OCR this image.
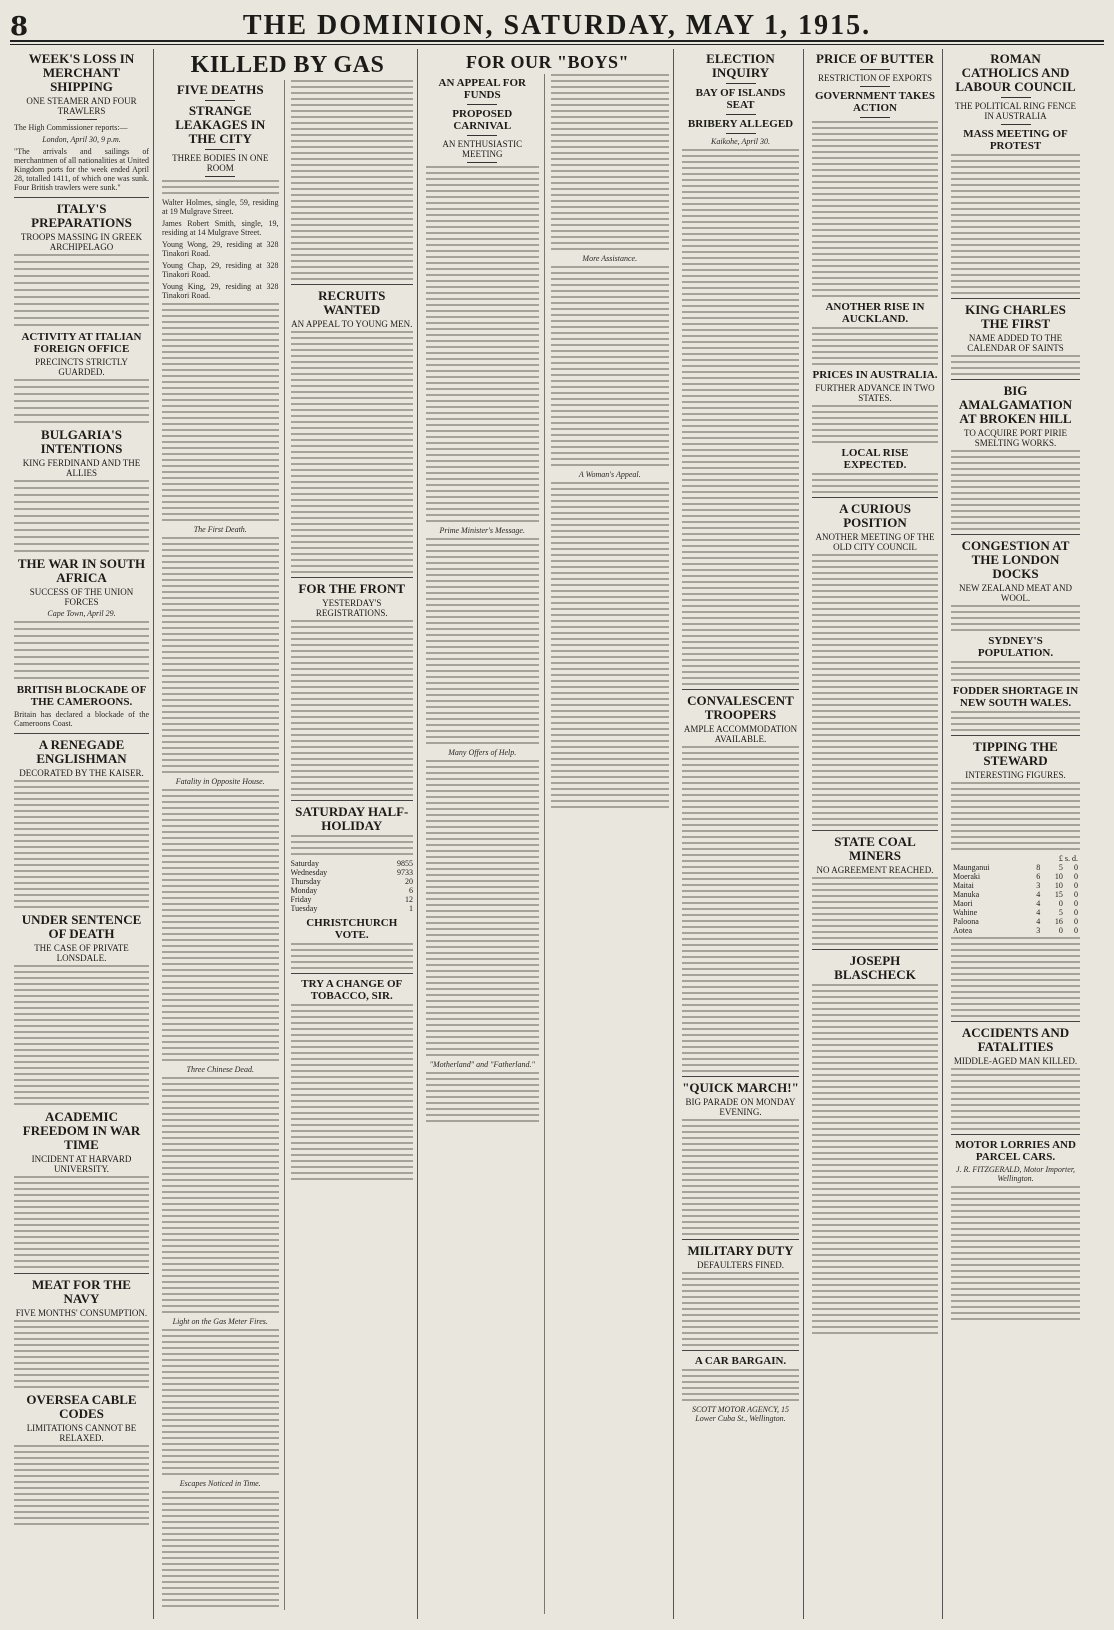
8	THE DOMINION, SATURDAY, MAY 1, 1915.
WEEK'S LOSS IN MERCHANT SHIPPING
ONE STEAMER AND FOUR TRAWLERS

The High Commissioner reports:—

London, April 30, 9 p.m.

"The arrivals and sailings of merchantmen of all nationalities at United Kingdom ports for the week ended April 28, totalled 1411, of which one was sunk. Four British trawlers were sunk."

ITALY'S PREPARATIONS
TROOPS MASSING IN GREEK ARCHIPELAGO
ACTIVITY AT ITALIAN FOREIGN OFFICE
PRECINCTS STRICTLY GUARDED.
BULGARIA'S INTENTIONS
KING FERDINAND AND THE ALLIES
THE WAR IN SOUTH AFRICA
SUCCESS OF THE UNION FORCES

Cape Town, April 29.

BRITISH BLOCKADE OF THE CAMEROONS.

Britain has declared a blockade of the Cameroons Coast.

A RENEGADE ENGLISHMAN
DECORATED BY THE KAISER.
UNDER SENTENCE OF DEATH
THE CASE OF PRIVATE LONSDALE.
ACADEMIC FREEDOM IN WAR TIME
INCIDENT AT HARVARD UNIVERSITY.
MEAT FOR THE NAVY
FIVE MONTHS' CONSUMPTION.
OVERSEA CABLE CODES
LIMITATIONS CANNOT BE RELAXED.
KILLED BY GAS
FIVE DEATHS
STRANGE LEAKAGES IN THE CITY
THREE BODIES IN ONE ROOM

Walter Holmes, single, 59, residing at 19 Mulgrave Street.

James Robert Smith, single, 19, residing at 14 Mulgrave Street.

Young Wong, 29, residing at 328 Tinakori Road.

Young Chap, 29, residing at 328 Tinakori Road.

Young King, 29, residing at 328 Tinakori Road.

The First Death.

Fatality in Opposite House.

Three Chinese Dead.

Light on the Gas Meter Fires.

Escapes Noticed in Time.

RECRUITS WANTED
AN APPEAL TO YOUNG MEN.
FOR THE FRONT
YESTERDAY'S REGISTRATIONS.
SATURDAY HALF-HOLIDAY
Saturday	9855
Wednesday	9733
Thursday	20
Monday	6
Friday	12
Tuesday	1
CHRISTCHURCH VOTE.
TRY A CHANGE OF TOBACCO, SIR.
FOR OUR "BOYS"
AN APPEAL FOR FUNDS
PROPOSED CARNIVAL
AN ENTHUSIASTIC MEETING

Prime Minister's Message.

Many Offers of Help.

"Motherland" and "Fatherland."

More Assistance.

A Woman's Appeal.

ELECTION INQUIRY
BAY OF ISLANDS SEAT
BRIBERY ALLEGED

Kaikohe, April 30.

CONVALESCENT TROOPERS
AMPLE ACCOMMODATION AVAILABLE.
"QUICK MARCH!"
BIG PARADE ON MONDAY EVENING.
MILITARY DUTY
DEFAULTERS FINED.
A CAR BARGAIN.

SCOTT MOTOR AGENCY, 15 Lower Cuba St., Wellington.

PRICE OF BUTTER
RESTRICTION OF EXPORTS
GOVERNMENT TAKES ACTION
ANOTHER RISE IN AUCKLAND.
PRICES IN AUSTRALIA.
FURTHER ADVANCE IN TWO STATES.
LOCAL RISE EXPECTED.
A CURIOUS POSITION
ANOTHER MEETING OF THE OLD CITY COUNCIL
STATE COAL MINERS
NO AGREEMENT REACHED.
JOSEPH BLASCHECK
ROMAN CATHOLICS AND LABOUR COUNCIL
THE POLITICAL RING FENCE IN AUSTRALIA
MASS MEETING OF PROTEST
KING CHARLES THE FIRST
NAME ADDED TO THE CALENDAR OF SAINTS
BIG AMALGAMATION AT BROKEN HILL
TO ACQUIRE PORT PIRIE SMELTING WORKS.
CONGESTION AT THE LONDON DOCKS
NEW ZEALAND MEAT AND WOOL.
SYDNEY'S POPULATION.
FODDER SHORTAGE IN NEW SOUTH WALES.
TIPPING THE STEWARD
INTERESTING FIGURES.
	£ s. d.		
Maunganui	8	5	0
Moeraki	6	10	0
Maitai	3	10	0
Manuka	4	15	0
Maori	4	0	0
Wahine	4	5	0
Paloona	4	16	0
Aotea	3	0	0
ACCIDENTS AND FATALITIES
MIDDLE-AGED MAN KILLED.
MOTOR LORRIES AND PARCEL CARS.

J. R. FITZGERALD, Motor Importer, Wellington.
